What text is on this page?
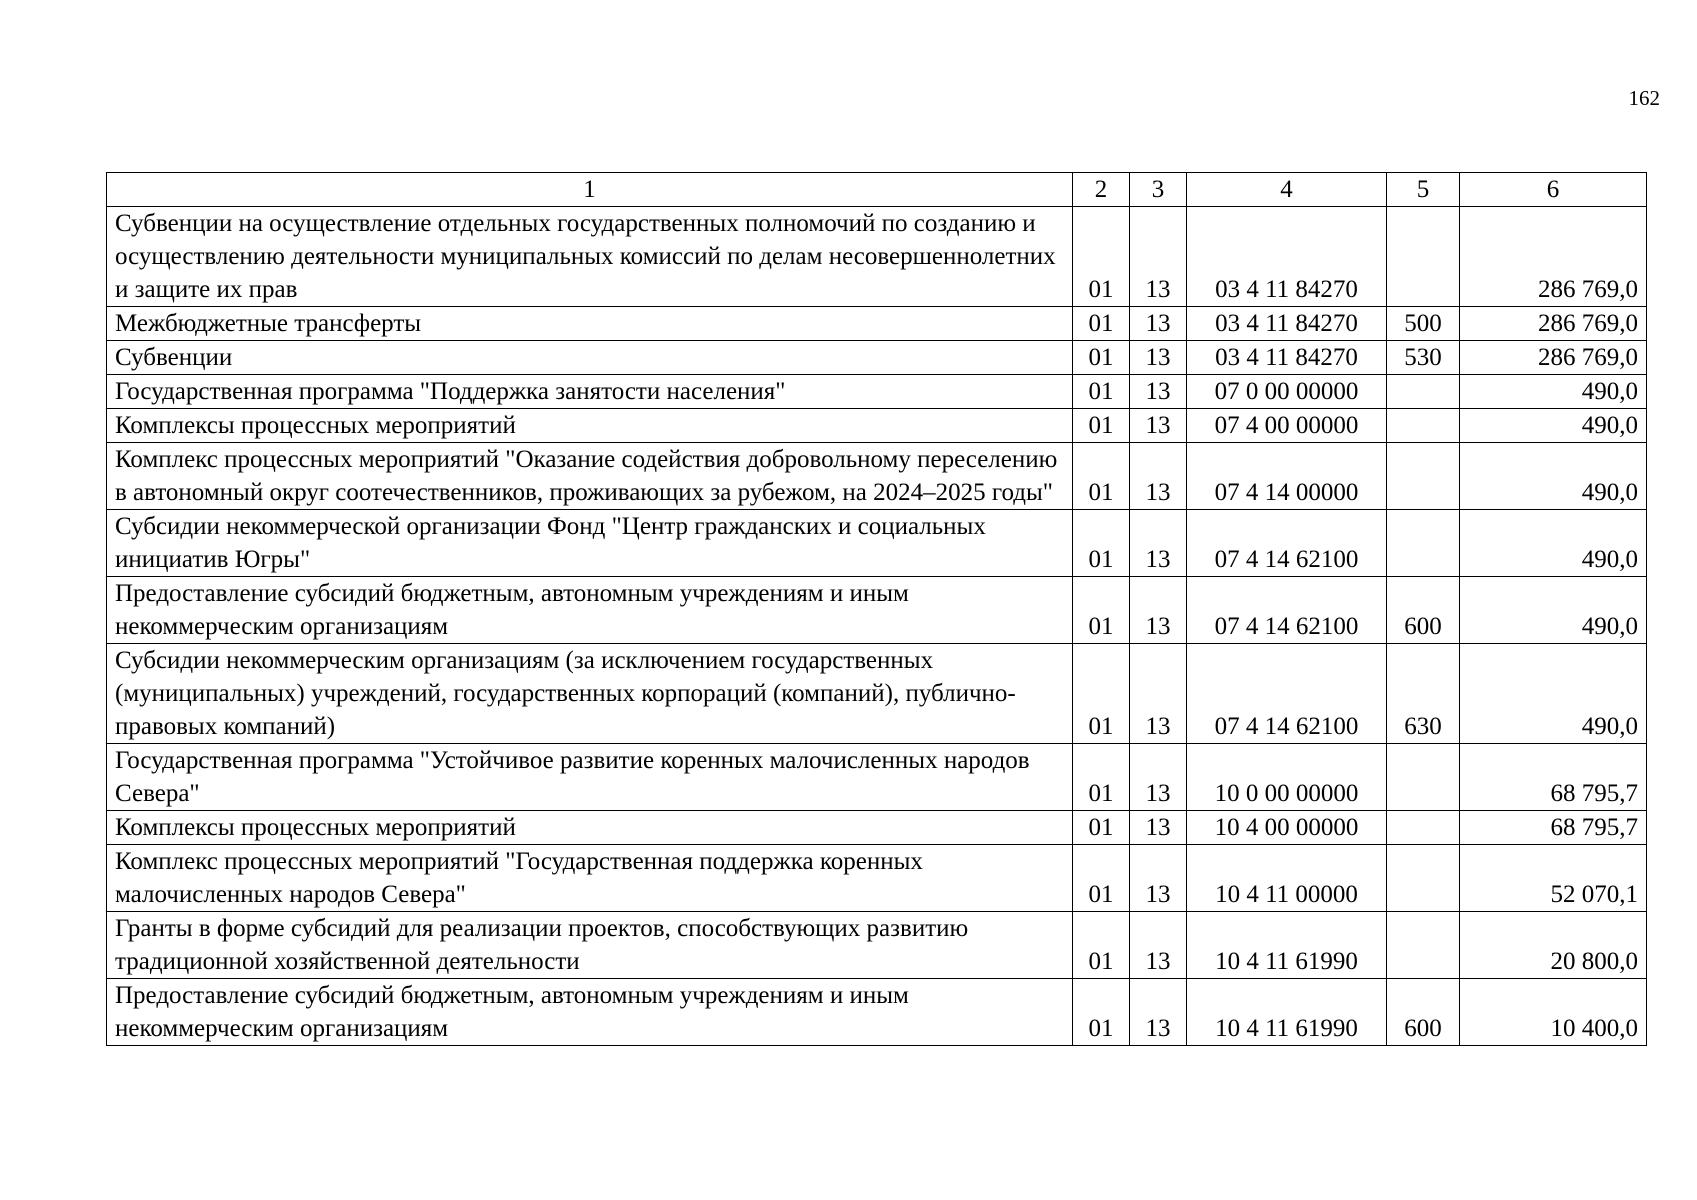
162
1	2	3	4	5	6
Субвенции на осуществление отдельных государственных полномочий по созданию и осуществлению деятельности муниципальных комиссий по делам несовершеннолетних и защите их прав	01	13	03 4 11 84270		286 769,0
Межбюджетные трансферты	01	13	03 4 11 84270	500	286 769,0
Субвенции	01	13	03 4 11 84270	530	286 769,0
Государственная программа "Поддержка занятости населения"	01	13	07 0 00 00000		490,0
Комплексы процессных мероприятий	01	13	07 4 00 00000		490,0
Комплекс процессных мероприятий "Оказание содействия добровольному переселению в автономный округ соотечественников, проживающих за рубежом, на 2024–2025 годы"	01	13	07 4 14 00000		490,0
Субсидии некоммерческой организации Фонд "Центр гражданских и социальных инициатив Югры"	01	13	07 4 14 62100		490,0
Предоставление субсидий бюджетным, автономным учреждениям и иным некоммерческим организациям	01	13	07 4 14 62100	600	490,0
Субсидии некоммерческим организациям (за исключением государственных (муниципальных) учреждений, государственных корпораций (компаний), публично-правовых компаний)	01	13	07 4 14 62100	630	490,0
Государственная программа "Устойчивое развитие коренных малочисленных народов Севера"	01	13	10 0 00 00000		68 795,7
Комплексы процессных мероприятий	01	13	10 4 00 00000		68 795,7
Комплекс процессных мероприятий "Государственная поддержка коренных малочисленных народов Севера"	01	13	10 4 11 00000		52 070,1
Гранты в форме субсидий для реализации проектов, способствующих развитию традиционной хозяйственной деятельности	01	13	10 4 11 61990		20 800,0
Предоставление субсидий бюджетным, автономным учреждениям и иным некоммерческим организациям	01	13	10 4 11 61990	600	10 400,0
